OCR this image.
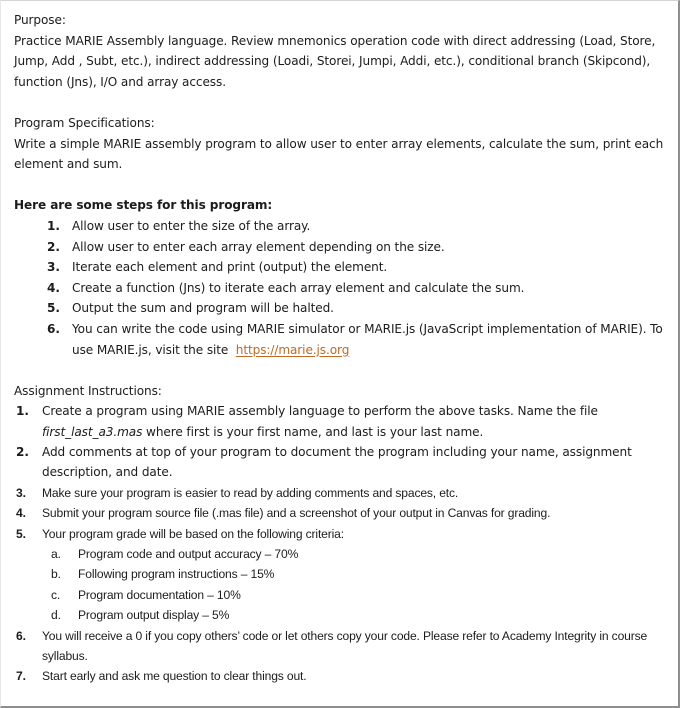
Purpose:

Practice MARIE Assembly language. Review mnemonics operation code with direct addressing (Load, Store, Jump, Add , Subt, etc.), indirect addressing (Loadi, Storei, Jumpi, Addi, etc.), conditional branch (Skipcond), function (Jns), I/O and array access.

Program Specifications:

Write a simple MARIE assembly program to allow user to enter array elements, calculate the sum, print each element and sum.

Here are some steps for this program:

Allow user to enter the size of the array.
Allow user to enter each array element depending on the size.
Iterate each element and print (output) the element.
Create a function (Jns) to iterate each array element and calculate the sum.
Output the sum and program will be halted.
You can write the code using MARIE simulator or MARIE.js (JavaScript implementation of MARIE). To use MARIE.js, visit the site https://marie.js.org

Assignment Instructions:

Create a program using MARIE assembly language to perform the above tasks. Name the file first_last_a3.mas where first is your first name, and last is your last name.
Add comments at top of your program to document the program including your name, assignment description, and date.
Make sure your program is easier to read by adding comments and spaces, etc.
Submit your program source file (.mas file) and a screenshot of your output in Canvas for grading.
Your program grade will be based on the following criteria:
Program code and output accuracy – 70%
Following program instructions – 15%
Program documentation – 10%
Program output display – 5%
You will receive a 0 if you copy others’ code or let others copy your code. Please refer to Academy Integrity in course syllabus.
Start early and ask me question to clear things out.
